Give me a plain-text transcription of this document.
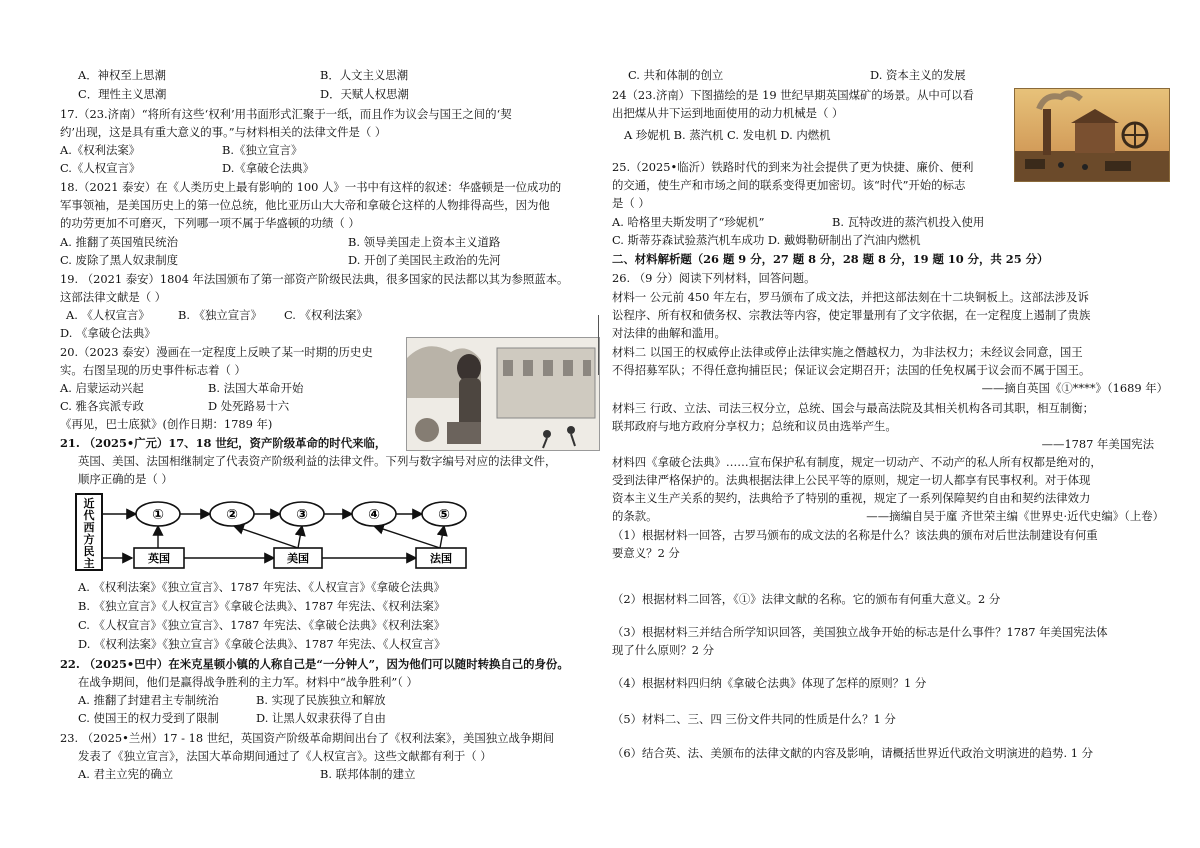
近
代
西
方
民
主
①	②	③	④	⑤
英国	美国	法国
A．神权至上思潮	B．人文主义思潮
C．理性主义思潮	D．天赋人权思潮
17.（23.济南）“将所有这些‘权利’用书面形式汇聚于一纸，而且作为议会与国王之间的‘契
约’出现，这是具有重大意义的事。”与材料相关的法律文件是（ ）
A.《权利法案》	B.《独立宣言》
C.《人权宣言》	D.《拿破仑法典》
18.（2021 泰安）在《人类历史上最有影响的 100 人》一书中有这样的叙述：华盛顿是一位成功的
军事领袖，是美国历史上的第一位总统，他比亚历山大大帝和拿破仑这样的人物排得高些，因为他
的功劳更加不可磨灭，下列哪一项不属于华盛顿的功绩（ ）
A. 推翻了英国殖民统治	B. 领导美国走上资本主义道路
C. 废除了黑人奴隶制度	D. 开创了美国民主政治的先河
19. （2021 泰安）1804 年法国颁布了第一部资产阶级民法典，很多国家的民法都以其为参照蓝本。
这部法律文献是（ ）
A. 《人权宣言》 B. 《独立宣言》 C. 《权利法案》
D. 《拿破仑法典》
20.（2023 泰安）漫画在一定程度上反映了某一时期的历史史
实。右图呈现的历史事件标志着（ ）
A. 启蒙运动兴起	B. 法国大革命开始
C. 雅各宾派专政	D 处死路易十六
《再见，巴士底狱》(创作日期：1789 年)
21. （2025•广元）17、18 世纪，资产阶级革命的时代来临，
英国、美国、法国相继制定了代表资产阶级利益的法律文件。下列与数字编号对应的法律文件，
顺序正确的是（ ）
A. 《权利法案》《独立宣言》、1787 年宪法、《人权宣言》《拿破仑法典》
B. 《独立宣言》《人权宣言》《拿破仑法典》、1787 年宪法、《权利法案》
C. 《人权宣言》《独立宣言》、1787 年宪法、《拿破仑法典》《权利法案》
D. 《权利法案》《独立宣言》《拿破仑法典》、1787 年宪法、《人权宣言》
22. （2025•巴中）在米克星顿小镇的人称自己是“一分钟人”，因为他们可以随时转换自己的身份。
在战争期间，他们是赢得战争胜利的主力军。材料中“战争胜利”（ ）
A. 推翻了封建君主专制统治	B. 实现了民族独立和解放
C. 使国王的权力受到了限制	D. 让黑人奴隶获得了自由
23. （2025•兰州）17 - 18 世纪，英国资产阶级革命期间出台了《权利法案》，美国独立战争期间
发表了《独立宣言》，法国大革命期间通过了《人权宣言》。这些文献都有利于（ ）
A. 君主立宪的确立	B. 联邦体制的建立
C. 共和体制的创立	D. 资本主义的发展
24（23.济南）下图描绘的是 19 世纪早期英国煤矿的场景。从中可以看
出把煤从井下运到地面使用的动力机械是（ ）
A 珍妮机 B. 蒸汽机 C. 发电机 D. 内燃机
25.（2025•临沂）铁路时代的到来为社会提供了更为快捷、廉价、便利
的交通，使生产和市场之间的联系变得更加密切。该“时代”开始的标志
是（ ）
A. 哈格里夫斯发明了“珍妮机”	B. 瓦特改进的蒸汽机投入使用
C. 斯蒂芬森试验蒸汽机车成功 D. 戴姆勒研制出了汽油内燃机
二、材料解析题（26 题 9 分，27 题 8 分，28 题 8 分，19 题 10 分，共 25 分）
26. （9 分）阅读下列材料，回答问题。
材料一 公元前 450 年左右，罗马颁布了成文法，并把这部法刻在十二块铜板上。这部法涉及诉
讼程序、所有权和债务权、宗教法等内容，使定罪量刑有了文字依据，在一定程度上遏制了贵族
对法律的曲解和滥用。
材料二 以国王的权威停止法律或停止法律实施之僭越权力，为非法权力；未经议会同意，国王
不得招募军队；不得任意拘捕臣民；保证议会定期召开；法国的任免权属于议会而不属于国王。
——摘自英国《①****》（1689 年）
材料三 行政、立法、司法三权分立，总统、国会与最高法院及其相关机构各司其职，相互制衡；
联邦政府与地方政府分享权力；总统和议员由选举产生。
——1787 年美国宪法
材料四《拿破仑法典》……宣布保护私有制度，规定一切动产、不动产的私人所有权都是绝对的，
受到法律严格保护的。法典根据法律上公民平等的原则，规定一切人都享有民事权利。对于体现
资本主义生产关系的契约，法典给予了特别的重视，规定了一系列保障契约自由和契约法律效力
的条款。	——摘编自吴于廑 齐世荣主编《世界史·近代史编》（上卷）
（1）根据材料一回答，古罗马颁布的成文法的名称是什么？该法典的颁布对后世法制建设有何重
要意义？2 分
（2）根据材料二回答，《①》法律文献的名称。它的颁布有何重大意义。2 分
（3）根据材料三并结合所学知识回答，美国独立战争开始的标志是什么事件？1787 年美国宪法体
现了什么原则？2 分
（4）根据材料四归纳《拿破仑法典》体现了怎样的原则？1 分
（5）材料二、三、四 三份文件共同的性质是什么？1 分
（6）结合英、法、美颁布的法律文献的内容及影响，请概括世界近代政治文明演进的趋势. 1 分
